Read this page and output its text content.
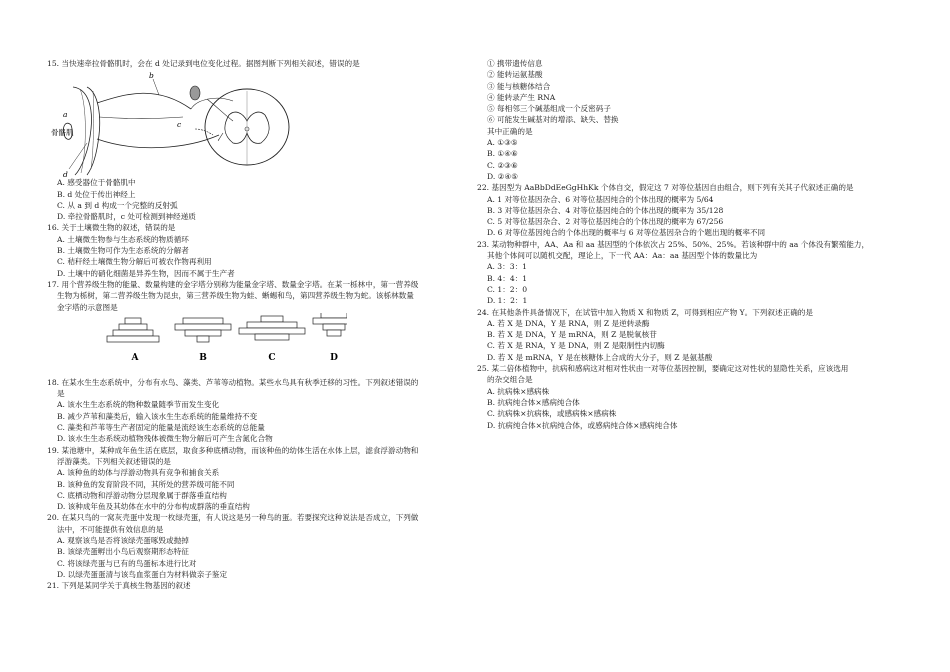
15. 当快速牵拉骨骼肌时，会在 d 处记录到电位变化过程。据图判断下列相关叙述，错误的是
骨骼肌
a
b
c
d
A. 感受器位于骨骼肌中
B. d 处位于传出神经上
C. 从 a 到 d 构成一个完整的反射弧
D. 牵拉骨骼肌时，c 处可检测到神经递质
16. 关于土壤微生物的叙述，错误的是
A. 土壤微生物参与生态系统的物质循环
B. 土壤微生物可作为生态系统的分解者
C. 秸秆经土壤微生物分解后可被农作物再利用
D. 土壤中的硝化细菌是异养生物，因而不属于生产者
17. 用个营养级生物的能量、数量构建的金字塔分别称为能量金字塔、数量金字塔。在某一栎林中，第一营养级
生物为栎树，第二营养级生物为昆虫，第三营养级生物为蛙、蜥蜴和鸟，第四营养级生物为蛇。该栎林数量
金字塔的示意图是
A	B	C	D
18. 在某水生生态系统中，分布有水鸟、藻类、芦苇等动植物。某些水鸟具有秋季迁移的习性。下列叙述错误的
是
A. 该水生生态系统的物种数量随季节而发生变化
B. 减少芦苇和藻类后，输入该水生生态系统的能量维持不变
C. 藻类和芦苇等生产者固定的能量是流经该生态系统的总能量
D. 该水生生态系统动植物残体被微生物分解后可产生含氮化合物
19. 某池塘中，某种成年鱼生活在底层，取食多种底栖动物，而该种鱼的幼体生活在水体上层，滤食浮游动物和
浮游藻类。下列相关叙述错误的是
A. 该种鱼的幼体与浮游动物具有竞争和捕食关系
B. 该种鱼的发育阶段不同，其所处的营养级可能不同
C. 底栖动物和浮游动物分层现象属于群落垂直结构
D. 该种成年鱼及其幼体在水中的分布构成群落的垂直结构
20. 在某只鸟的一窝灰壳蛋中发现一枚绿壳蛋，有人说这是另一种鸟的蛋。若要探究这种说法是否成立，下列做
法中，不可能提供有效信息的是
A. 观察该鸟是否将该绿壳蛋啄毁或抛掉
B. 该绿壳蛋孵出小鸟后观察期形态特征
C. 将该绿壳蛋与已有的鸟蛋标本进行比对
D. 以绿壳蛋蛋清与该鸟血浆蛋白为材料做亲子鉴定
21. 下列是某同学关于真核生物基因的叙述
① 携带遗传信息
② 能转运氨基酸
③ 能与核糖体结合
④ 能转录产生 RNA
⑤ 每相邻三个碱基组成一个反密码子
⑥ 可能发生碱基对的增添、缺失、替换
其中正确的是
A. ①③⑤
B. ①④⑥
C. ②③⑥
D. ②④⑤
22. 基因型为 AaBbDdEeGgHhKk 个体自交，假定这 7 对等位基因自由组合，则下列有关其子代叙述正确的是
A. 1 对等位基因杂合、6 对等位基因纯合的个体出现的概率为 5/64
B. 3 对等位基因杂合、4 对等位基因纯合的个体出现的概率为 35/128
C. 5 对等位基因杂合、2 对等位基因纯合的个体出现的概率为 67/256
D. 6 对等位基因纯合的个体出现的概率与 6 对等位基因杂合的个题出现的概率不同
23. 某动物种群中，AA、Aa 和 aa 基因型的个体依次占 25%、50%、25%。若该种群中的 aa 个体没有繁殖能力，
其他个体间可以随机交配，理论上，下一代 AA：Aa：aa 基因型个体的数量比为
A. 3：3：1
B. 4：4：1
C. 1：2：0
D. 1：2：1
24. 在其他条件具备情况下，在试管中加入物质 X 和物质 Z，可得到相应产物 Y。下列叙述正确的是
A. 若 X 是 DNA，Y 是 RNA，则 Z 是逆转录酶
B. 若 X 是 DNA，Y 是 mRNA，则 Z 是脱氧核苷
C. 若 X 是 RNA，Y 是 DNA，则 Z 是限制性内切酶
D. 若 X 是 mRNA，Y 是在核糖体上合成的大分子，则 Z 是氨基酸
25. 某二倍体植物中，抗病和感病这对相对性状由一对等位基因控制，要确定这对性状的显隐性关系，应该选用
的杂交组合是
A. 抗病株×感病株
B. 抗病纯合体×感病纯合体
C. 抗病株×抗病株，或感病株×感病株
D. 抗病纯合体×抗病纯合体，或感病纯合体×感病纯合体
